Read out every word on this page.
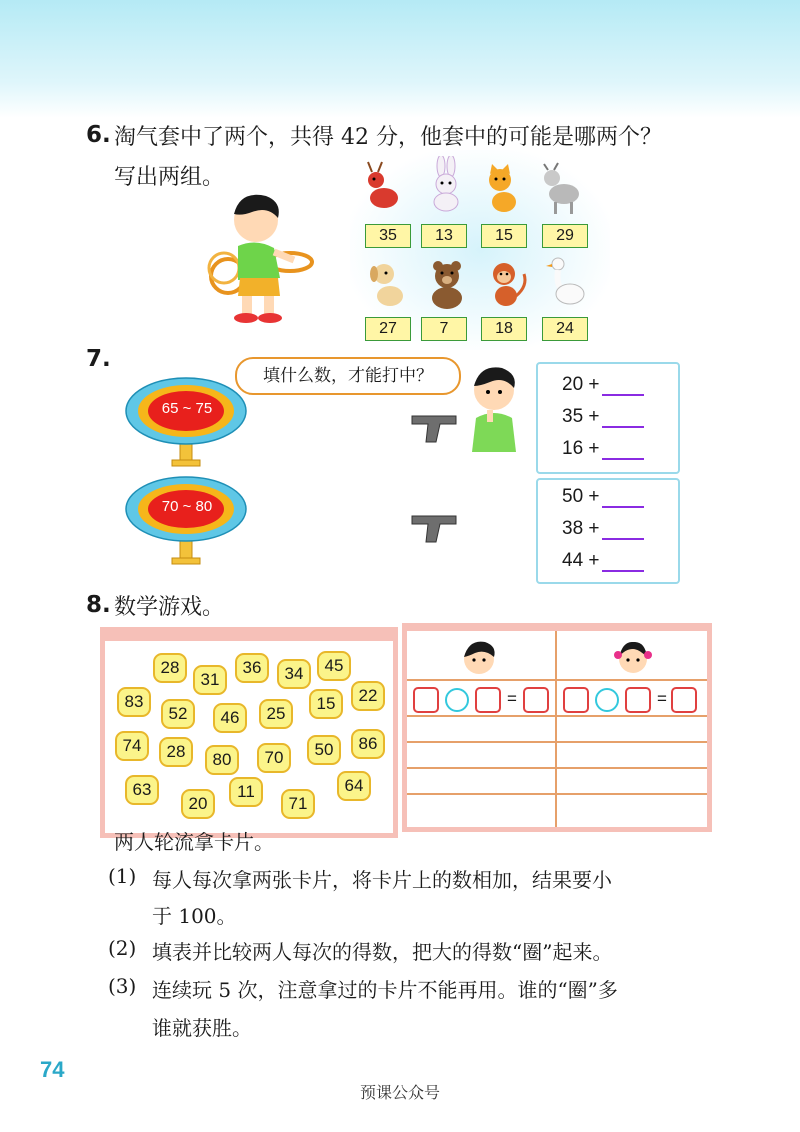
6. 淘气套中了两个，共得 42 分，他套中的可能是哪两个？
写出两组。
35	13	15	29
27	7	18	24
7.
填什么数，才能打中？
65 ~ 75
70 ~ 80
20 +
35 +
16 +
50 +
38 +
44 +
8. 数学游戏。
28
31
36	34	45
83
52	46	25
15	22
74	28	80	70	50	86
63
20
11
71
64
=	=
两人轮流拿卡片。
(1) 每人每次拿两张卡片，将卡片上的数相加，结果要小
于 100。
(2) 填表并比较两人每次的得数，把大的得数“圈”起来。
(3) 连续玩 5 次，注意拿过的卡片不能再用。谁的“圈”多
谁就获胜。
74
预课公众号
